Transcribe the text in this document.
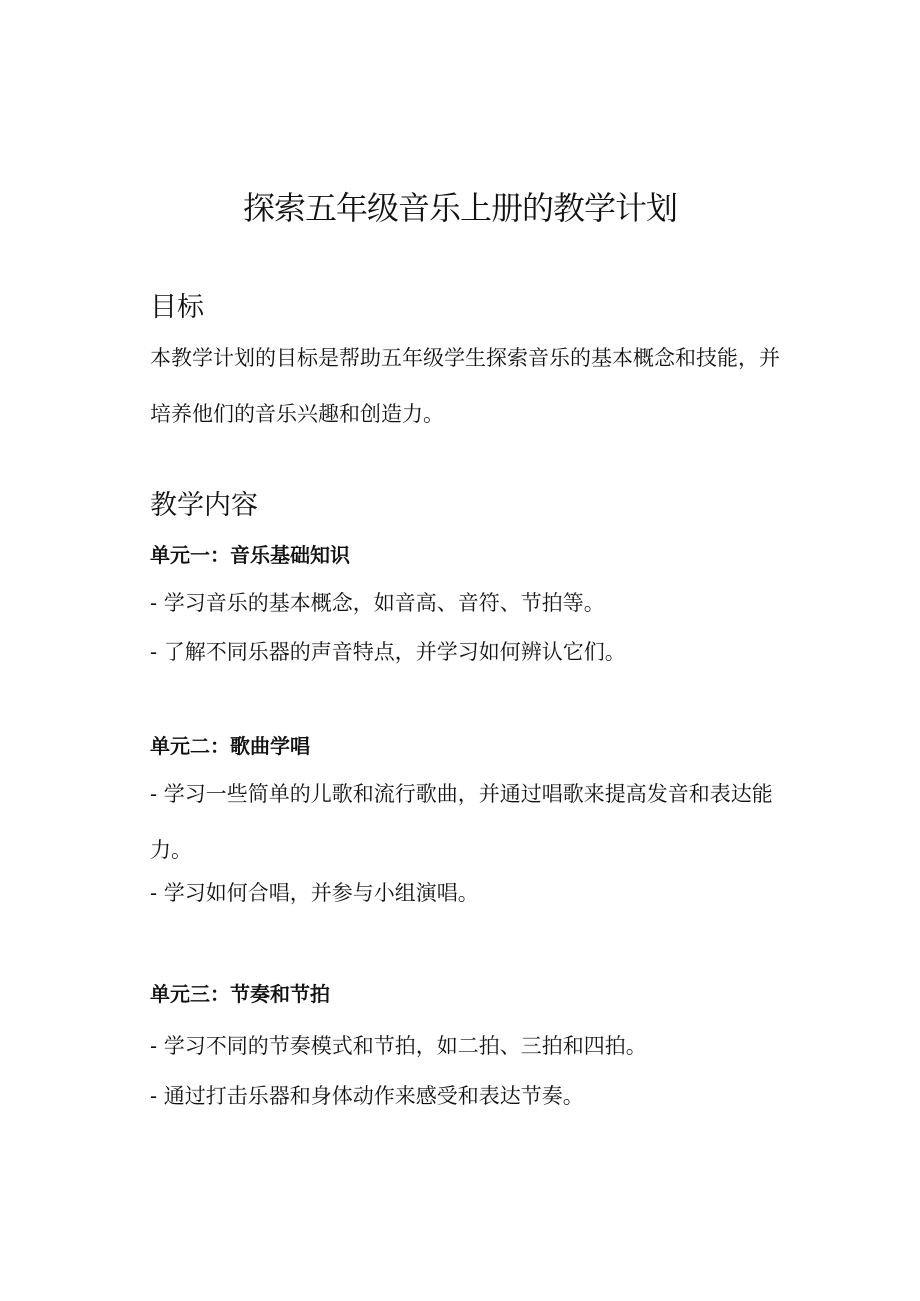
探索五年级音乐上册的教学计划
目标

本教学计划的目标是帮助五年级学生探索音乐的基本概念和技能，并培养他们的音乐兴趣和创造力。

教学内容

单元一：音乐基础知识

- 学习音乐的基本概念，如音高、音符、节拍等。

- 了解不同乐器的声音特点，并学习如何辨认它们。

单元二：歌曲学唱

- 学习一些简单的儿歌和流行歌曲，并通过唱歌来提高发音和表达能力。

- 学习如何合唱，并参与小组演唱。

单元三：节奏和节拍

- 学习不同的节奏模式和节拍，如二拍、三拍和四拍。

- 通过打击乐器和身体动作来感受和表达节奏。
